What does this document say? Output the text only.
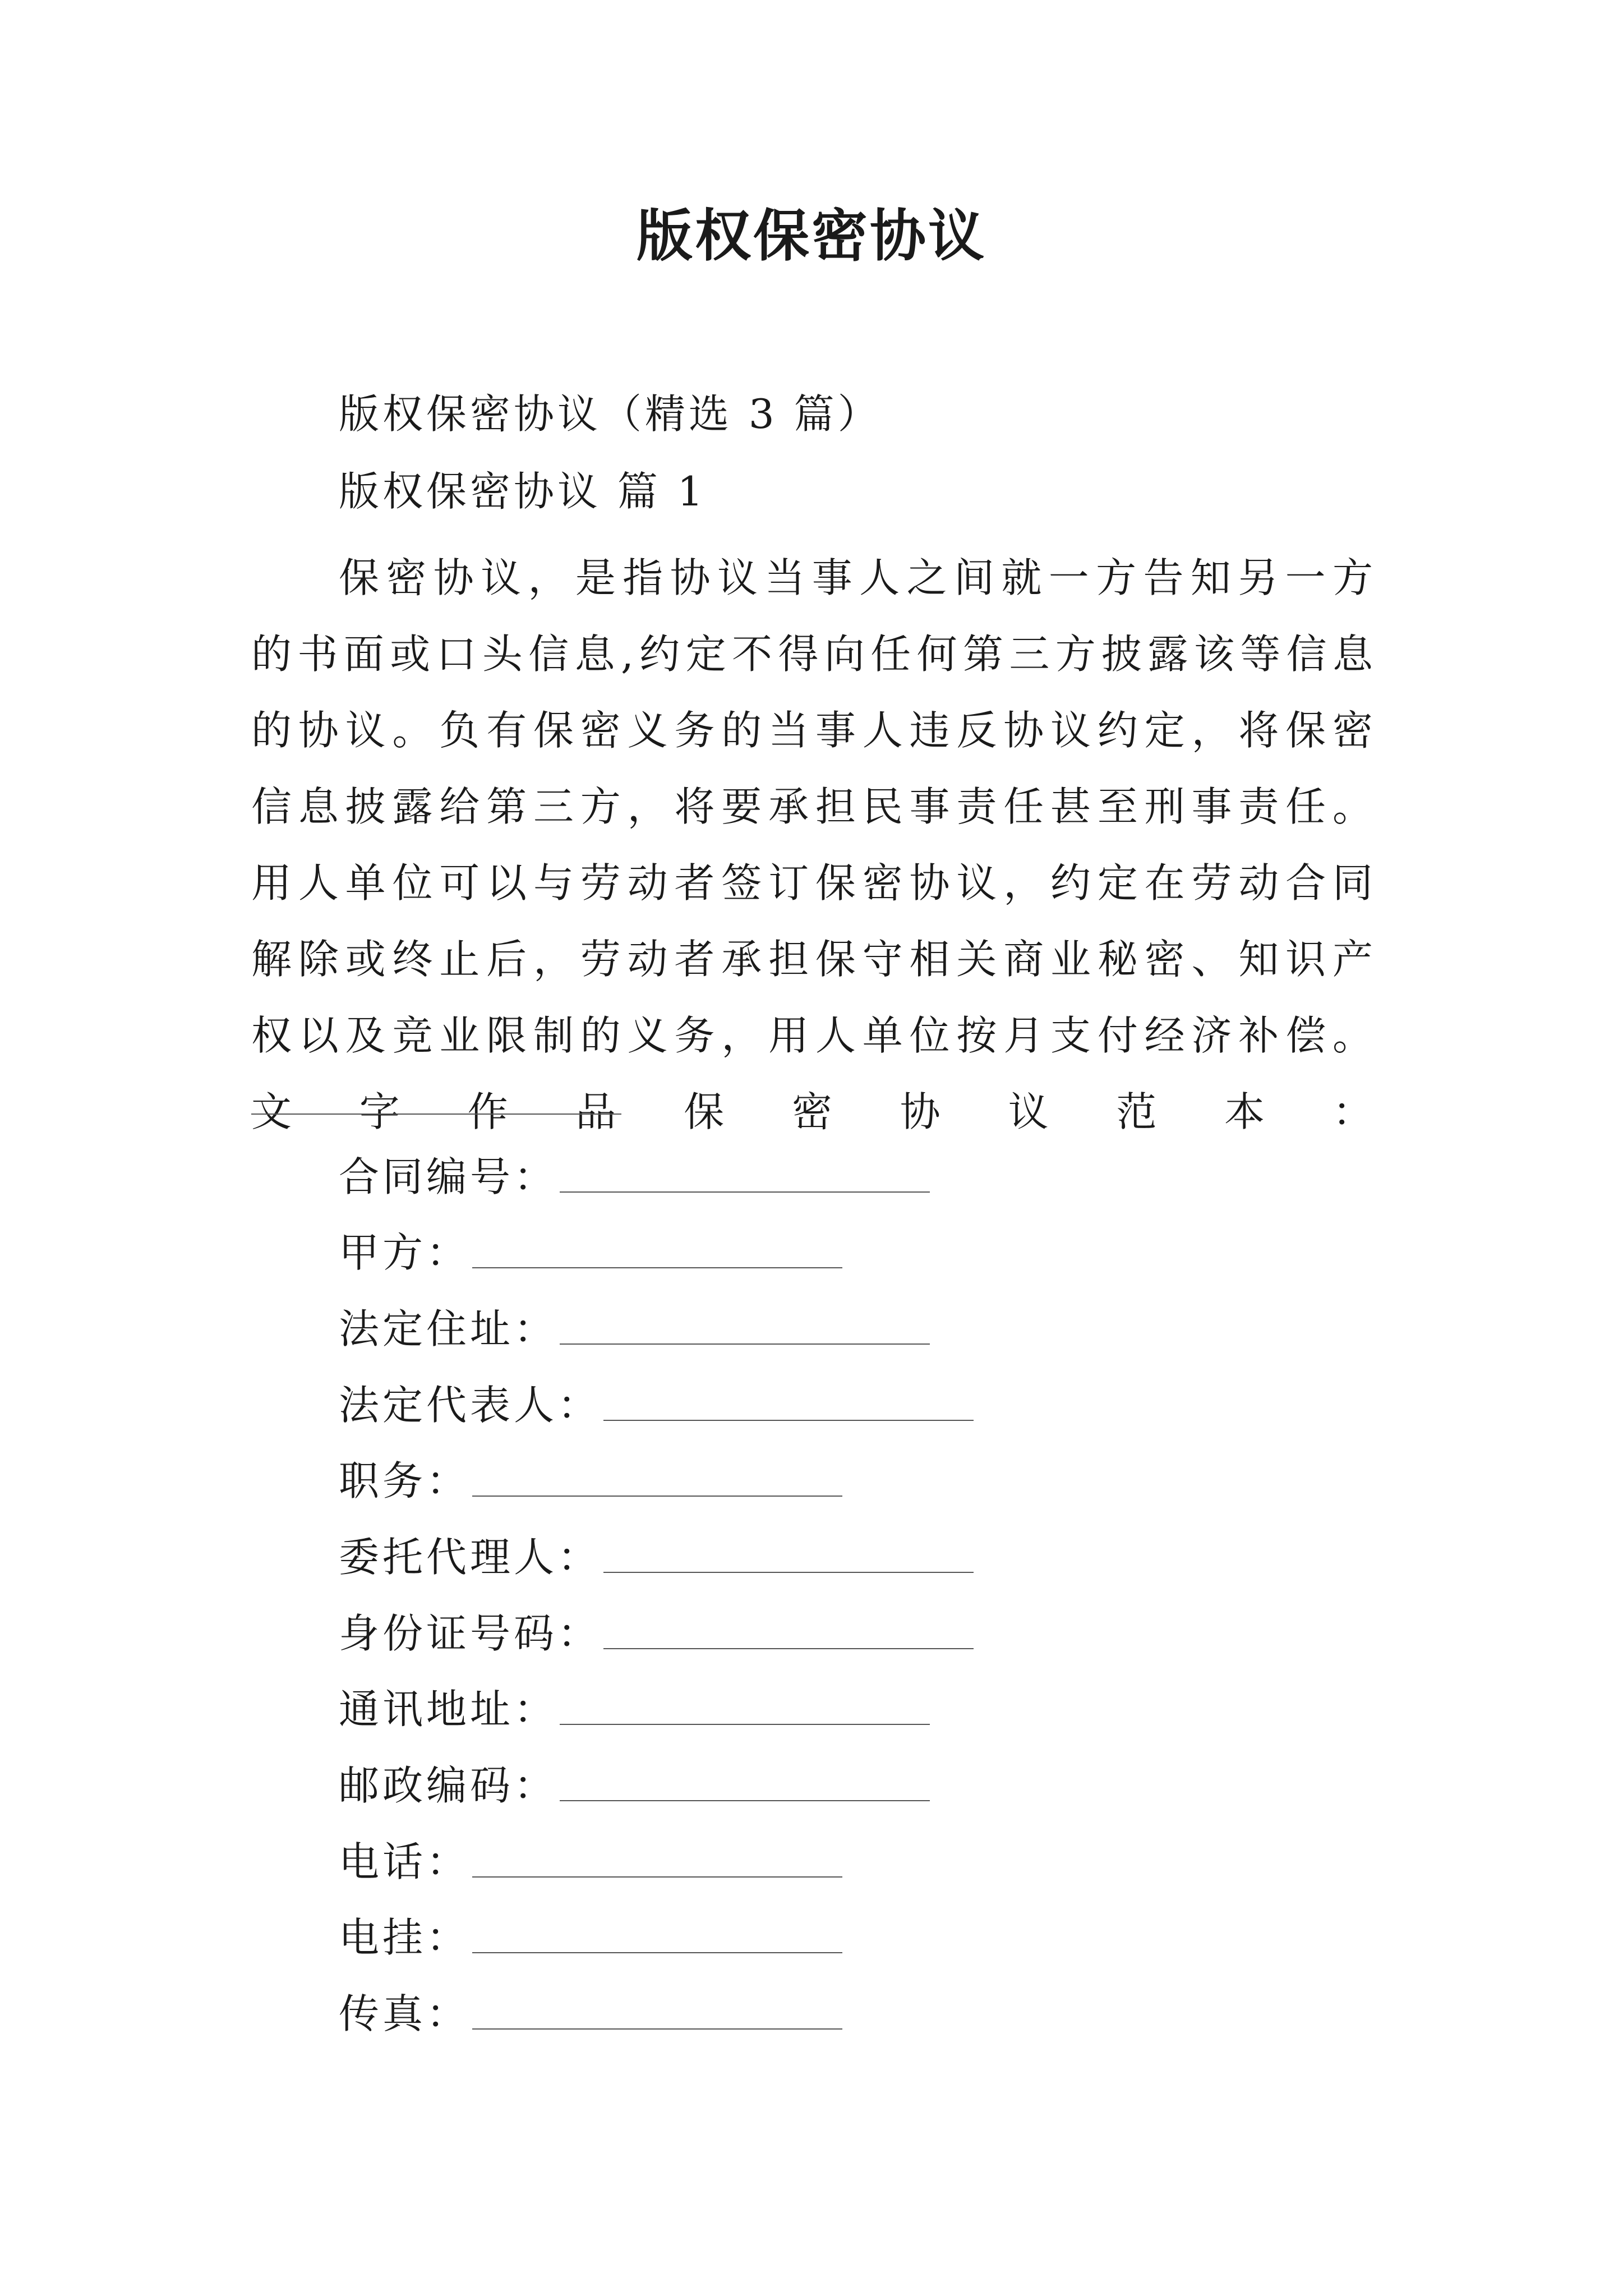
版权保密协议
版权保密协议（精选 3 篇）
版权保密协议 篇 1
保密协议，是指协议当事人之间就一方告知另一方的书面或口头信息,约定不得向任何第三方披露该等信息的协议。负有保密义务的当事人违反协议约定，将保密信息披露给第三方，将要承担民事责任甚至刑事责任。用人单位可以与劳动者签订保密协议，约定在劳动合同解除或终止后，劳动者承担保守相关商业秘密、知识产权以及竞业限制的义务，用人单位按月支付经济补偿。文字作品保密协议范本：
合同编号：
甲方：
法定住址：
法定代表人：
职务：
委托代理人：
身份证号码：
通讯地址：
邮政编码：
电话：
电挂：
传真：
